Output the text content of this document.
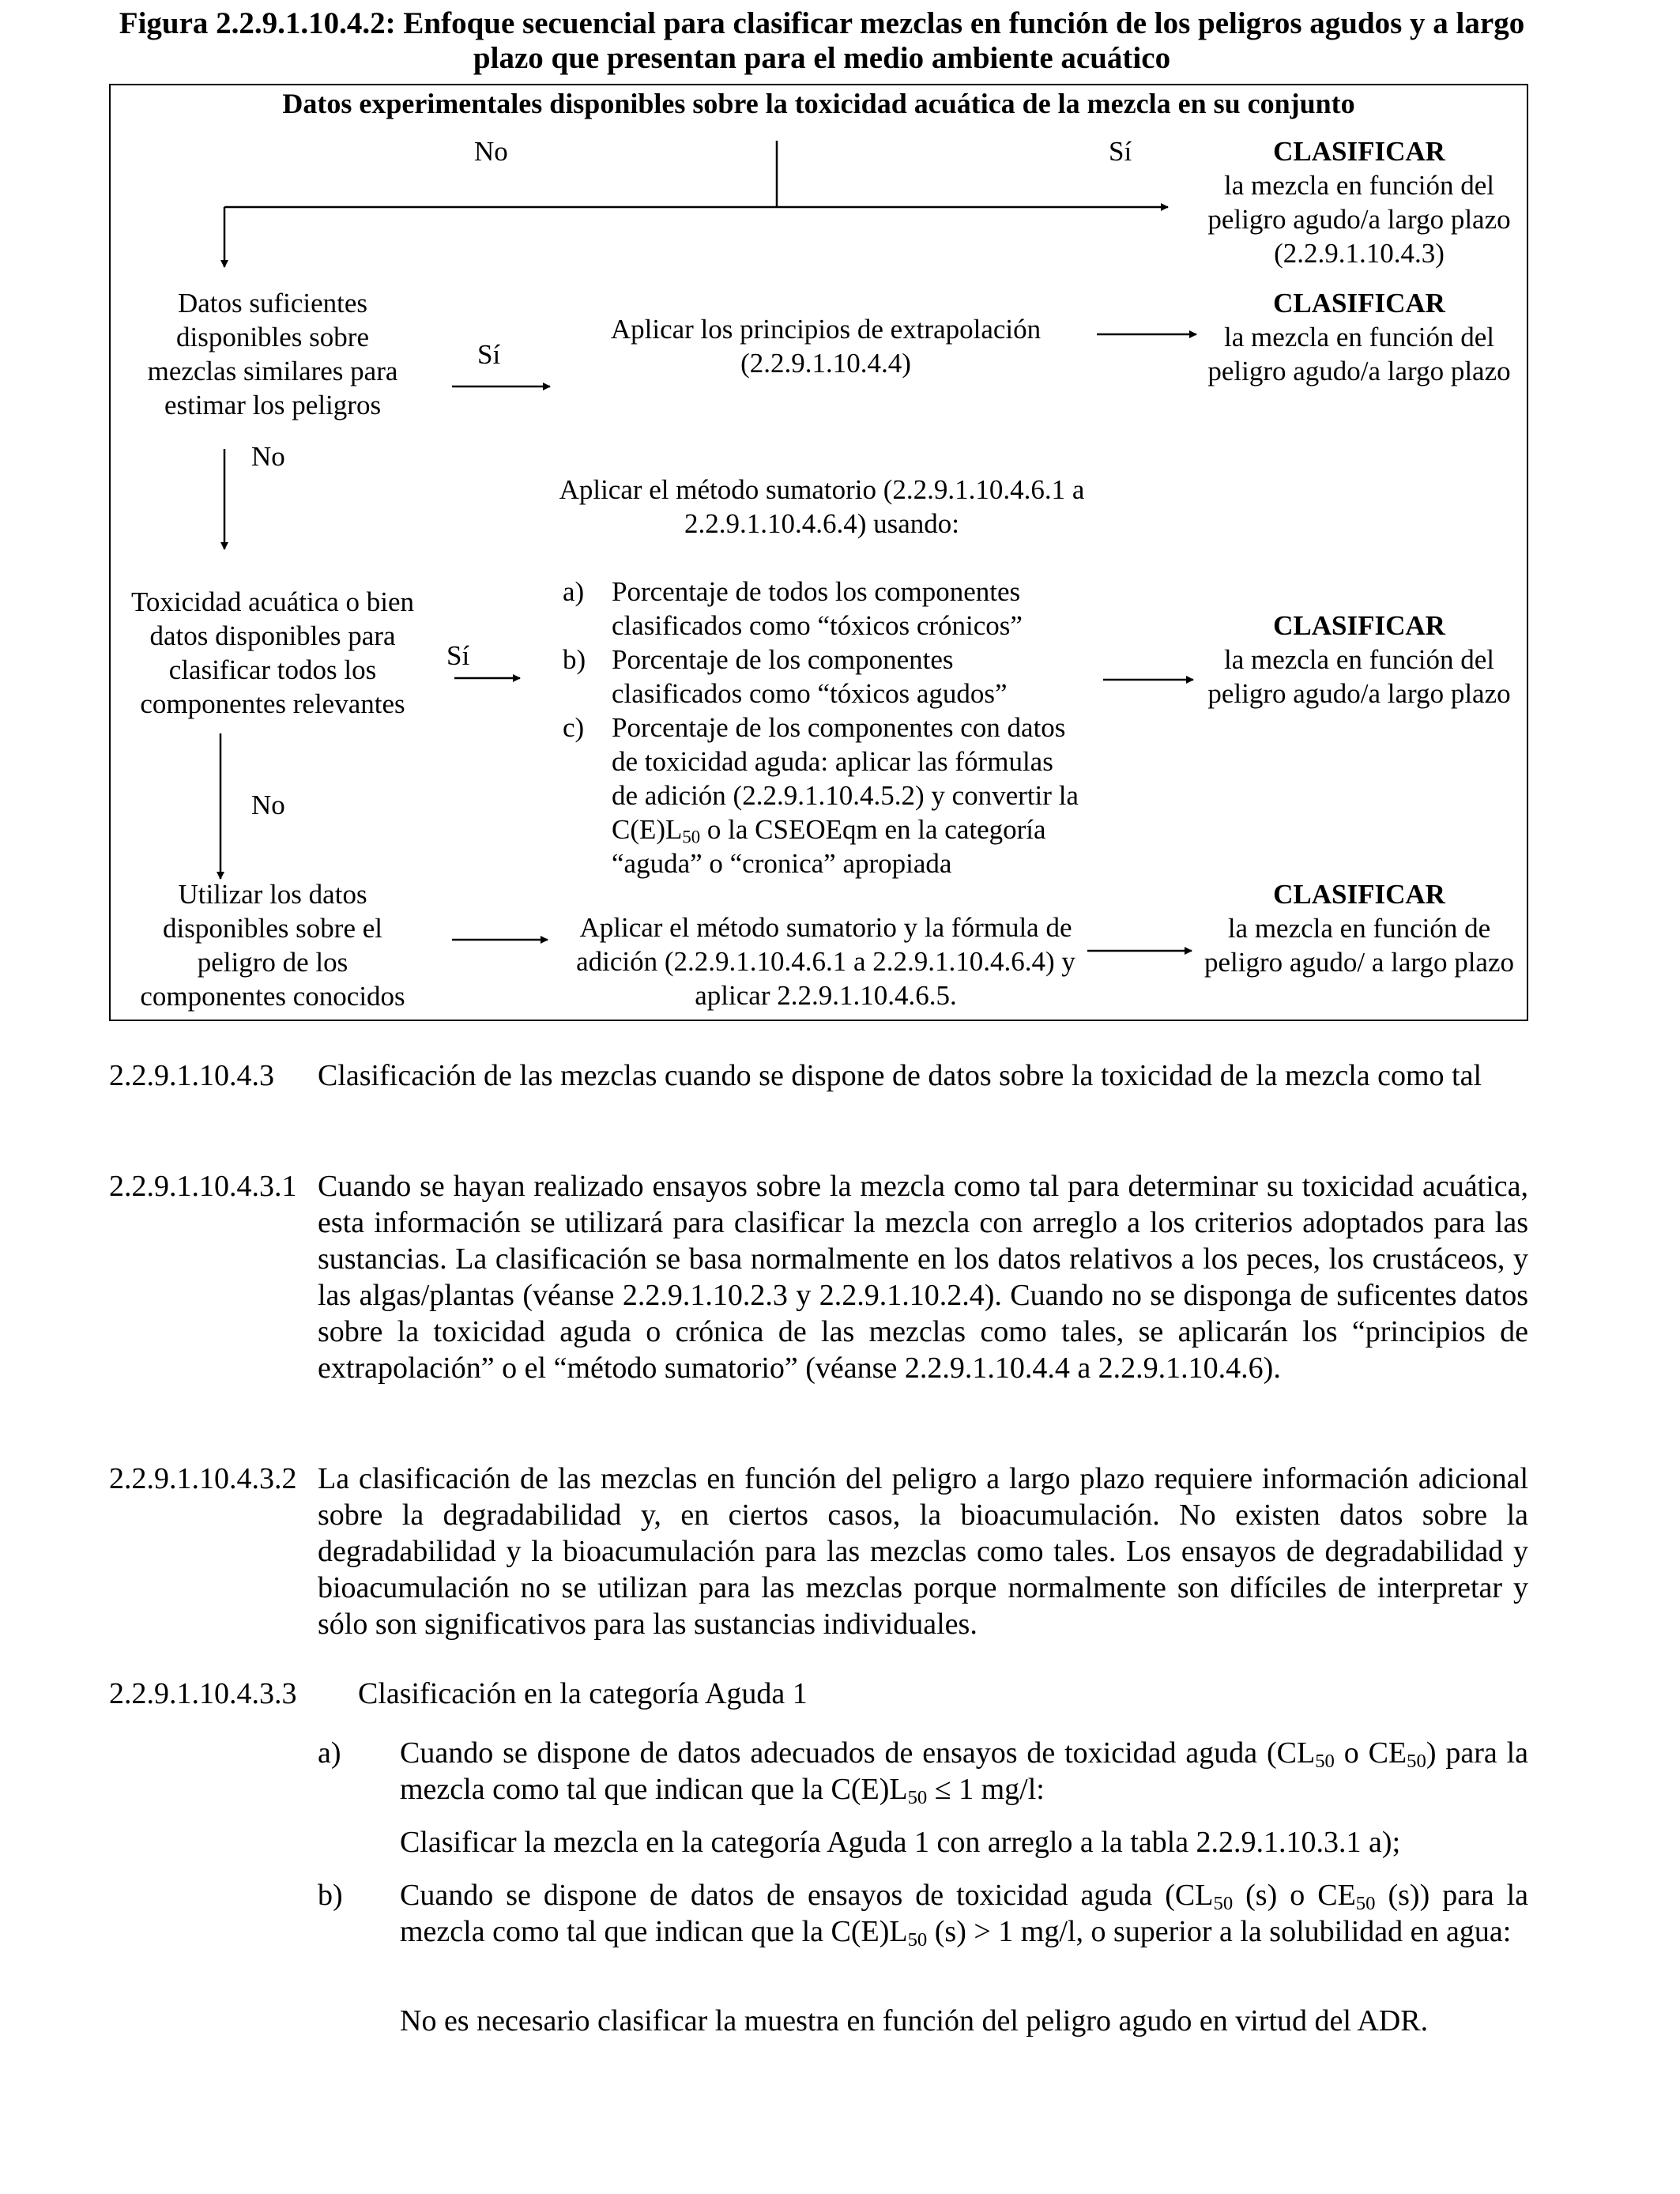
Figura 2.2.9.1.10.4.2: Enfoque secuencial para clasificar mezclas en función de los peligros agudos y a largo plazo que presentan para el medio ambiente acuático
Datos experimentales disponibles sobre la toxicidad acuática de la mezcla en su conjunto
No	Sí	CLASIFICAR
la mezcla en función del peligro agudo/a largo plazo (2.2.9.1.10.4.3)
Datos suficientes disponibles sobre mezclas similares para estimar los peligros
Sí
Aplicar los principios de extrapolación (2.2.9.1.10.4.4)
CLASIFICAR
la mezcla en función del peligro agudo/a largo plazo
No
Aplicar el método sumatorio (2.2.9.1.10.4.6.1 a 2.2.9.1.10.4.6.4) usando:
a) Porcentaje de todos los componentes clasificados como “tóxicos crónicos”
b) Porcentaje de los componentes clasificados como “tóxicos agudos”
c) Porcentaje de los componentes con datos de toxicidad aguda: aplicar las fórmulas de adición (2.2.9.1.10.4.5.2) y convertir la $C(E)L_{50}$ o la CSEOEqm en la categoría “aguda” o “cronica” apropiada
Toxicidad acuática o bien datos disponibles para clasificar todos los componentes relevantes
Sí
CLASIFICAR
la mezcla en función del peligro agudo/a largo plazo
No
Utilizar los datos disponibles sobre el peligro de los componentes conocidos
Aplicar el método sumatorio y la fórmula de adición (2.2.9.1.10.4.6.1 a 2.2.9.1.10.4.6.4) y aplicar 2.2.9.1.10.4.6.5.
CLASIFICAR
la mezcla en función de peligro agudo/ a largo plazo
2.2.9.1.10.4.3 Clasificación de las mezclas cuando se dispone de datos sobre la toxicidad de la mezcla como tal
2.2.9.1.10.4.3.1 Cuando se hayan realizado ensayos sobre la mezcla como tal para determinar su toxicidad acuática, esta información se utilizará para clasificar la mezcla con arreglo a los criterios adoptados para las sustancias. La clasificación se basa normalmente en los datos relativos a los peces, los crustáceos, y las algas/plantas (véanse 2.2.9.1.10.2.3 y 2.2.9.1.10.2.4). Cuando no se disponga de suficentes datos sobre la toxicidad aguda o crónica de las mezclas como tales, se aplicarán los “principios de extrapolación” o el “método sumatorio” (véanse 2.2.9.1.10.4.4 a 2.2.9.1.10.4.6).
2.2.9.1.10.4.3.2 La clasificación de las mezclas en función del peligro a largo plazo requiere información adicional sobre la degradabilidad y, en ciertos casos, la bioacumulación. No existen datos sobre la degradabilidad y la bioacumulación para las mezclas como tales. Los ensayos de degradabilidad y bioacumulación no se utilizan para las mezclas porque normalmente son difíciles de interpretar y sólo son significativos para las sustancias individuales.
2.2.9.1.10.4.3.3 Clasificación en la categoría Aguda 1
a) Cuando se dispone de datos adecuados de ensayos de toxicidad aguda ($CL_{50}$ o $CE_{50}$) para la mezcla como tal que indican que la $C(E)L_{50} \le 1$ mg/l:
Clasificar la mezcla en la categoría Aguda 1 con arreglo a la tabla 2.2.9.1.10.3.1 a);
b) Cuando se dispone de datos de ensayos de toxicidad aguda ($CL_{50}$ (s) o $CE_{50}$ (s)) para la mezcla como tal que indican que la $C(E)L_{50}$ (s) > 1 mg/l, o superior a la solubilidad en agua:
No es necesario clasificar la muestra en función del peligro agudo en virtud del ADR.
